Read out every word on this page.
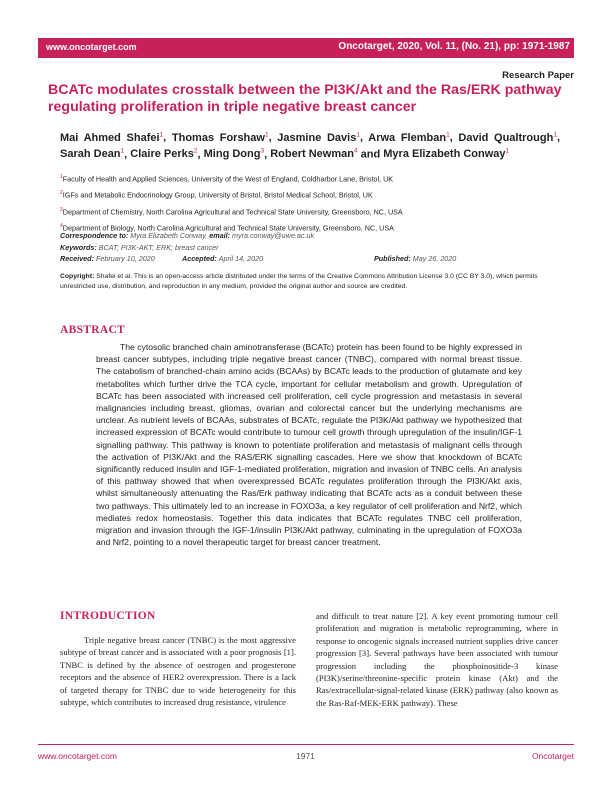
www.oncotarget.com	Oncotarget, 2020, Vol. 11, (No. 21), pp: 1971-1987
Research Paper
BCATc modulates crosstalk between the PI3K/Akt and the Ras/ERK pathway regulating proliferation in triple negative breast cancer
Mai Ahmed Shafei$^1$, Thomas Forshaw$^1$, Jasmine Davis$^1$, Arwa Flemban$^1$, David Qualtrough$^1$, Sarah Dean$^1$, Claire Perks$^2$, Ming Dong$^3$, Robert Newman$^4$ and Myra Elizabeth Conway$^1$
$^1$Faculty of Health and Applied Sciences, University of the West of England, Coldharbor Lane, Bristol, UK
$^2$IGFs and Metabolic Endocrinology Group, University of Bristol, Bristol Medical School, Bristol, UK
$^3$Department of Chemistry, North Carolina Agricultural and Technical State University, Greensboro, NC, USA
$^4$Department of Biology, North Carolina Agricultural and Technical State University, Greensboro, NC, USA
Correspondence to: Myra Elizabeth Conway, email: myra.conway@uwe.ac.uk
Keywords: BCAT; PI3K-AKT; ERK; breast cancer
Received: February 10, 2020	Accepted: April 14, 2020	Published: May 26, 2020
Copyright: Shafei et al. This is an open-access article distributed under the terms of the Creative Commons Attribution License 3.0 (CC BY 3.0), which permits unrestricted use, distribution, and reproduction in any medium, provided the original author and source are credited.
ABSTRACT
The cytosolic branched chain aminotransferase (BCATc) protein has been found to be highly expressed in breast cancer subtypes, including triple negative breast cancer (TNBC), compared with normal breast tissue. The catabolism of branched-chain amino acids (BCAAs) by BCATc leads to the production of glutamate and key metabolites which further drive the TCA cycle, important for cellular metabolism and growth. Upregulation of BCATc has been associated with increased cell proliferation, cell cycle progression and metastasis in several malignancies including breast, gliomas, ovarian and colorectal cancer but the underlying mechanisms are unclear. As nutrient levels of BCAAs, substrates of BCATc, regulate the PI3K/Akt pathway we hypothesized that increased expression of BCATc would contribute to tumour cell growth through upregulation of the insulin/IGF-1 signalling pathway. This pathway is known to potentiate proliferation and metastasis of malignant cells through the activation of PI3K/Akt and the RAS/ERK signalling cascades. Here we show that knockdown of BCATc significantly reduced insulin and IGF-1-mediated proliferation, migration and invasion of TNBC cells. An analysis of this pathway showed that when overexpressed BCATc regulates proliferation through the PI3K/Akt axis, whilst simultaneously attenuating the Ras/Erk pathway indicating that BCATc acts as a conduit between these two pathways. This ultimately led to an increase in FOXO3a, a key regulator of cell proliferation and Nrf2, which mediates redox homeostasis. Together this data indicates that BCATc regulates TNBC cell proliferation, migration and invasion through the IGF-1/insulin PI3K/Akt pathway, culminating in the upregulation of FOXO3a and Nrf2, pointing to a novel therapeutic target for breast cancer treatment.
INTRODUCTION
Triple negative breast cancer (TNBC) is the most aggressive subtype of breast cancer and is associated with a poor prognosis [1]. TNBC is defined by the absence of oestrogen and progesterone receptors and the absence of HER2 overexpression. There is a lack of targeted therapy for TNBC due to wide heterogeneity for this subtype, which contributes to increased drug resistance, virulence
and difficult to treat nature [2]. A key event promoting tumour cell proliferation and migration is metabolic reprogramming, where in response to oncogenic signals increased nutrient supplies drive cancer progression [3]. Several pathways have been associated with tumour progression including the phosphoinositide-3 kinase (PI3K)/serine/threonine-specific protein kinase (Akt) and the Ras/extracellular-signal-related kinase (ERK) pathway (also known as the Ras-Raf-MEK-ERK pathway). These
www.oncotarget.com	1971	Oncotarget
